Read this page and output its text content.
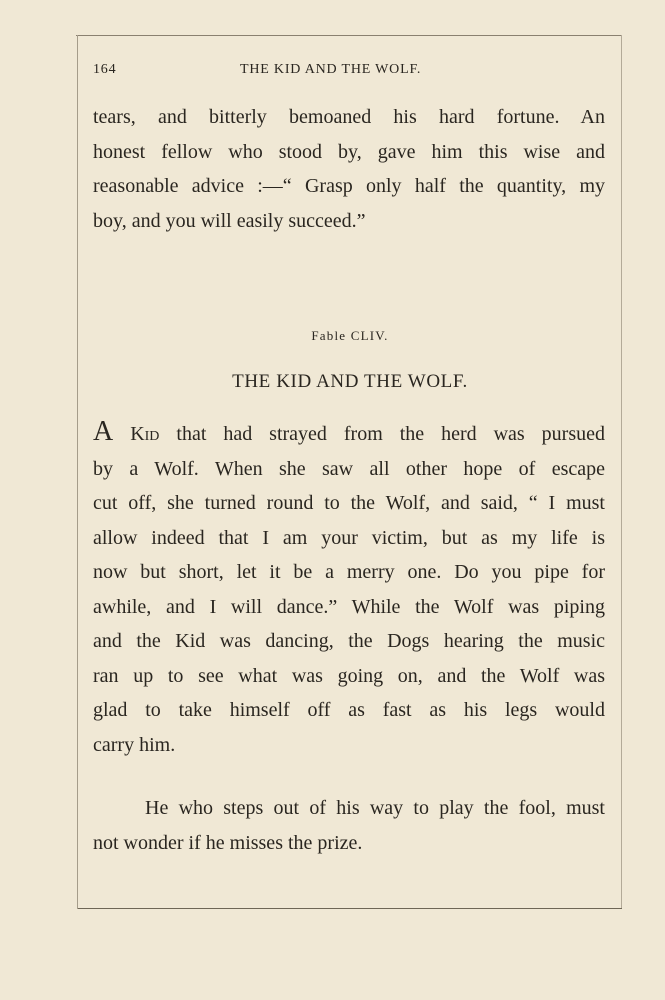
164	THE KID AND THE WOLF.
tears, and bitterly bemoaned his hard fortune. An
honest fellow who stood by, gave him this wise and
reasonable advice :—“ Grasp only half the quantity, my
boy, and you will easily succeed.”
Fable CLIV.
THE KID AND THE WOLF.
A Kid that had strayed from the herd was pursued
by a Wolf. When she saw all other hope of escape
cut off, she turned round to the Wolf, and said, “ I must
allow indeed that I am your victim, but as my life is
now but short, let it be a merry one. Do you pipe for
awhile, and I will dance.” While the Wolf was piping
and the Kid was dancing, the Dogs hearing the music
ran up to see what was going on, and the Wolf was
glad to take himself off as fast as his legs would
carry him.
He who steps out of his way to play the fool, must
not wonder if he misses the prize.
